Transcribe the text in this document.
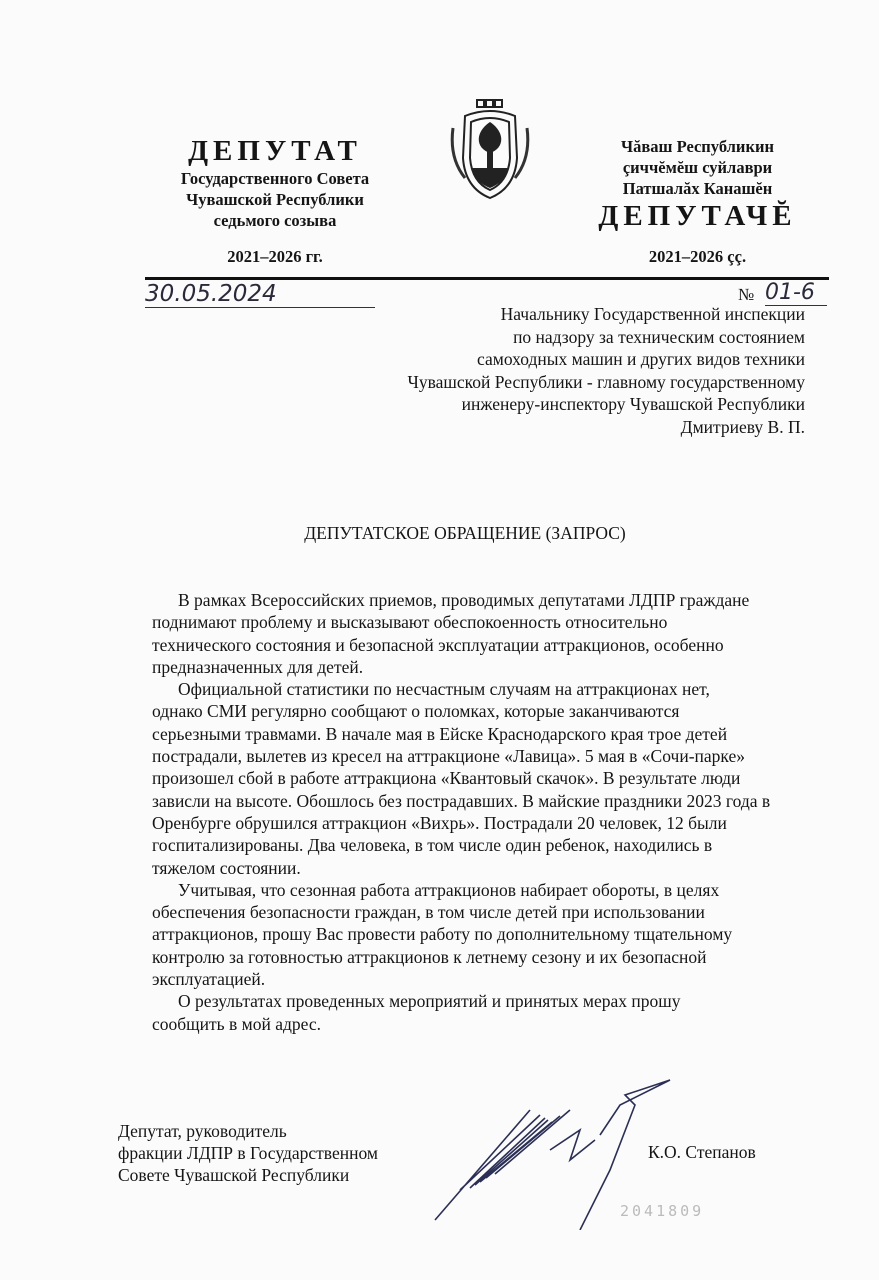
ДЕПУТАТ
Государственного Совета
Чувашской Республики
седьмого созыва
2021–2026 гг.
Чăваш Республикин
çиччĕмĕш суйлаври
Патшалăх Канашĕн
ДЕПУТАЧĔ
2021–2026 çç.
30.05.2024	№ 01-6
Начальнику Государственной инспекции
по надзору за техническим состоянием
самоходных машин и других видов техники
Чувашской Республики - главному государственному
инженеру-инспектору Чувашской Республики
Дмитриеву В. П.
ДЕПУТАТСКОЕ ОБРАЩЕНИЕ (ЗАПРОС)
В рамках Всероссийских приемов, проводимых депутатами ЛДПР граждане
поднимают проблему и высказывают обеспокоенность относительно
технического состояния и безопасной эксплуатации аттракционов, особенно
предназначенных для детей.
Официальной статистики по несчастным случаям на аттракционах нет,
однако СМИ регулярно сообщают о поломках, которые заканчиваются
серьезными травмами. В начале мая в Ейске Краснодарского края трое детей
пострадали, вылетев из кресел на аттракционе «Лавица». 5 мая в «Сочи-парке»
произошел сбой в работе аттракциона «Квантовый скачок». В результате люди
зависли на высоте. Обошлось без пострадавших. В майские праздники 2023 года в
Оренбурге обрушился аттракцион «Вихрь». Пострадали 20 человек, 12 были
госпитализированы. Два человека, в том числе один ребенок, находились в
тяжелом состоянии.
Учитывая, что сезонная работа аттракционов набирает обороты, в целях
обеспечения безопасности граждан, в том числе детей при использовании
аттракционов, прошу Вас провести работу по дополнительному тщательному
контролю за готовностью аттракционов к летнему сезону и их безопасной
эксплуатацией.
О результатах проведенных мероприятий и принятых мерах прошу
сообщить в мой адрес.
Депутат, руководитель
фракции ЛДПР в Государственном
Совете Чувашской Республики
К.О. Степанов
2041809
